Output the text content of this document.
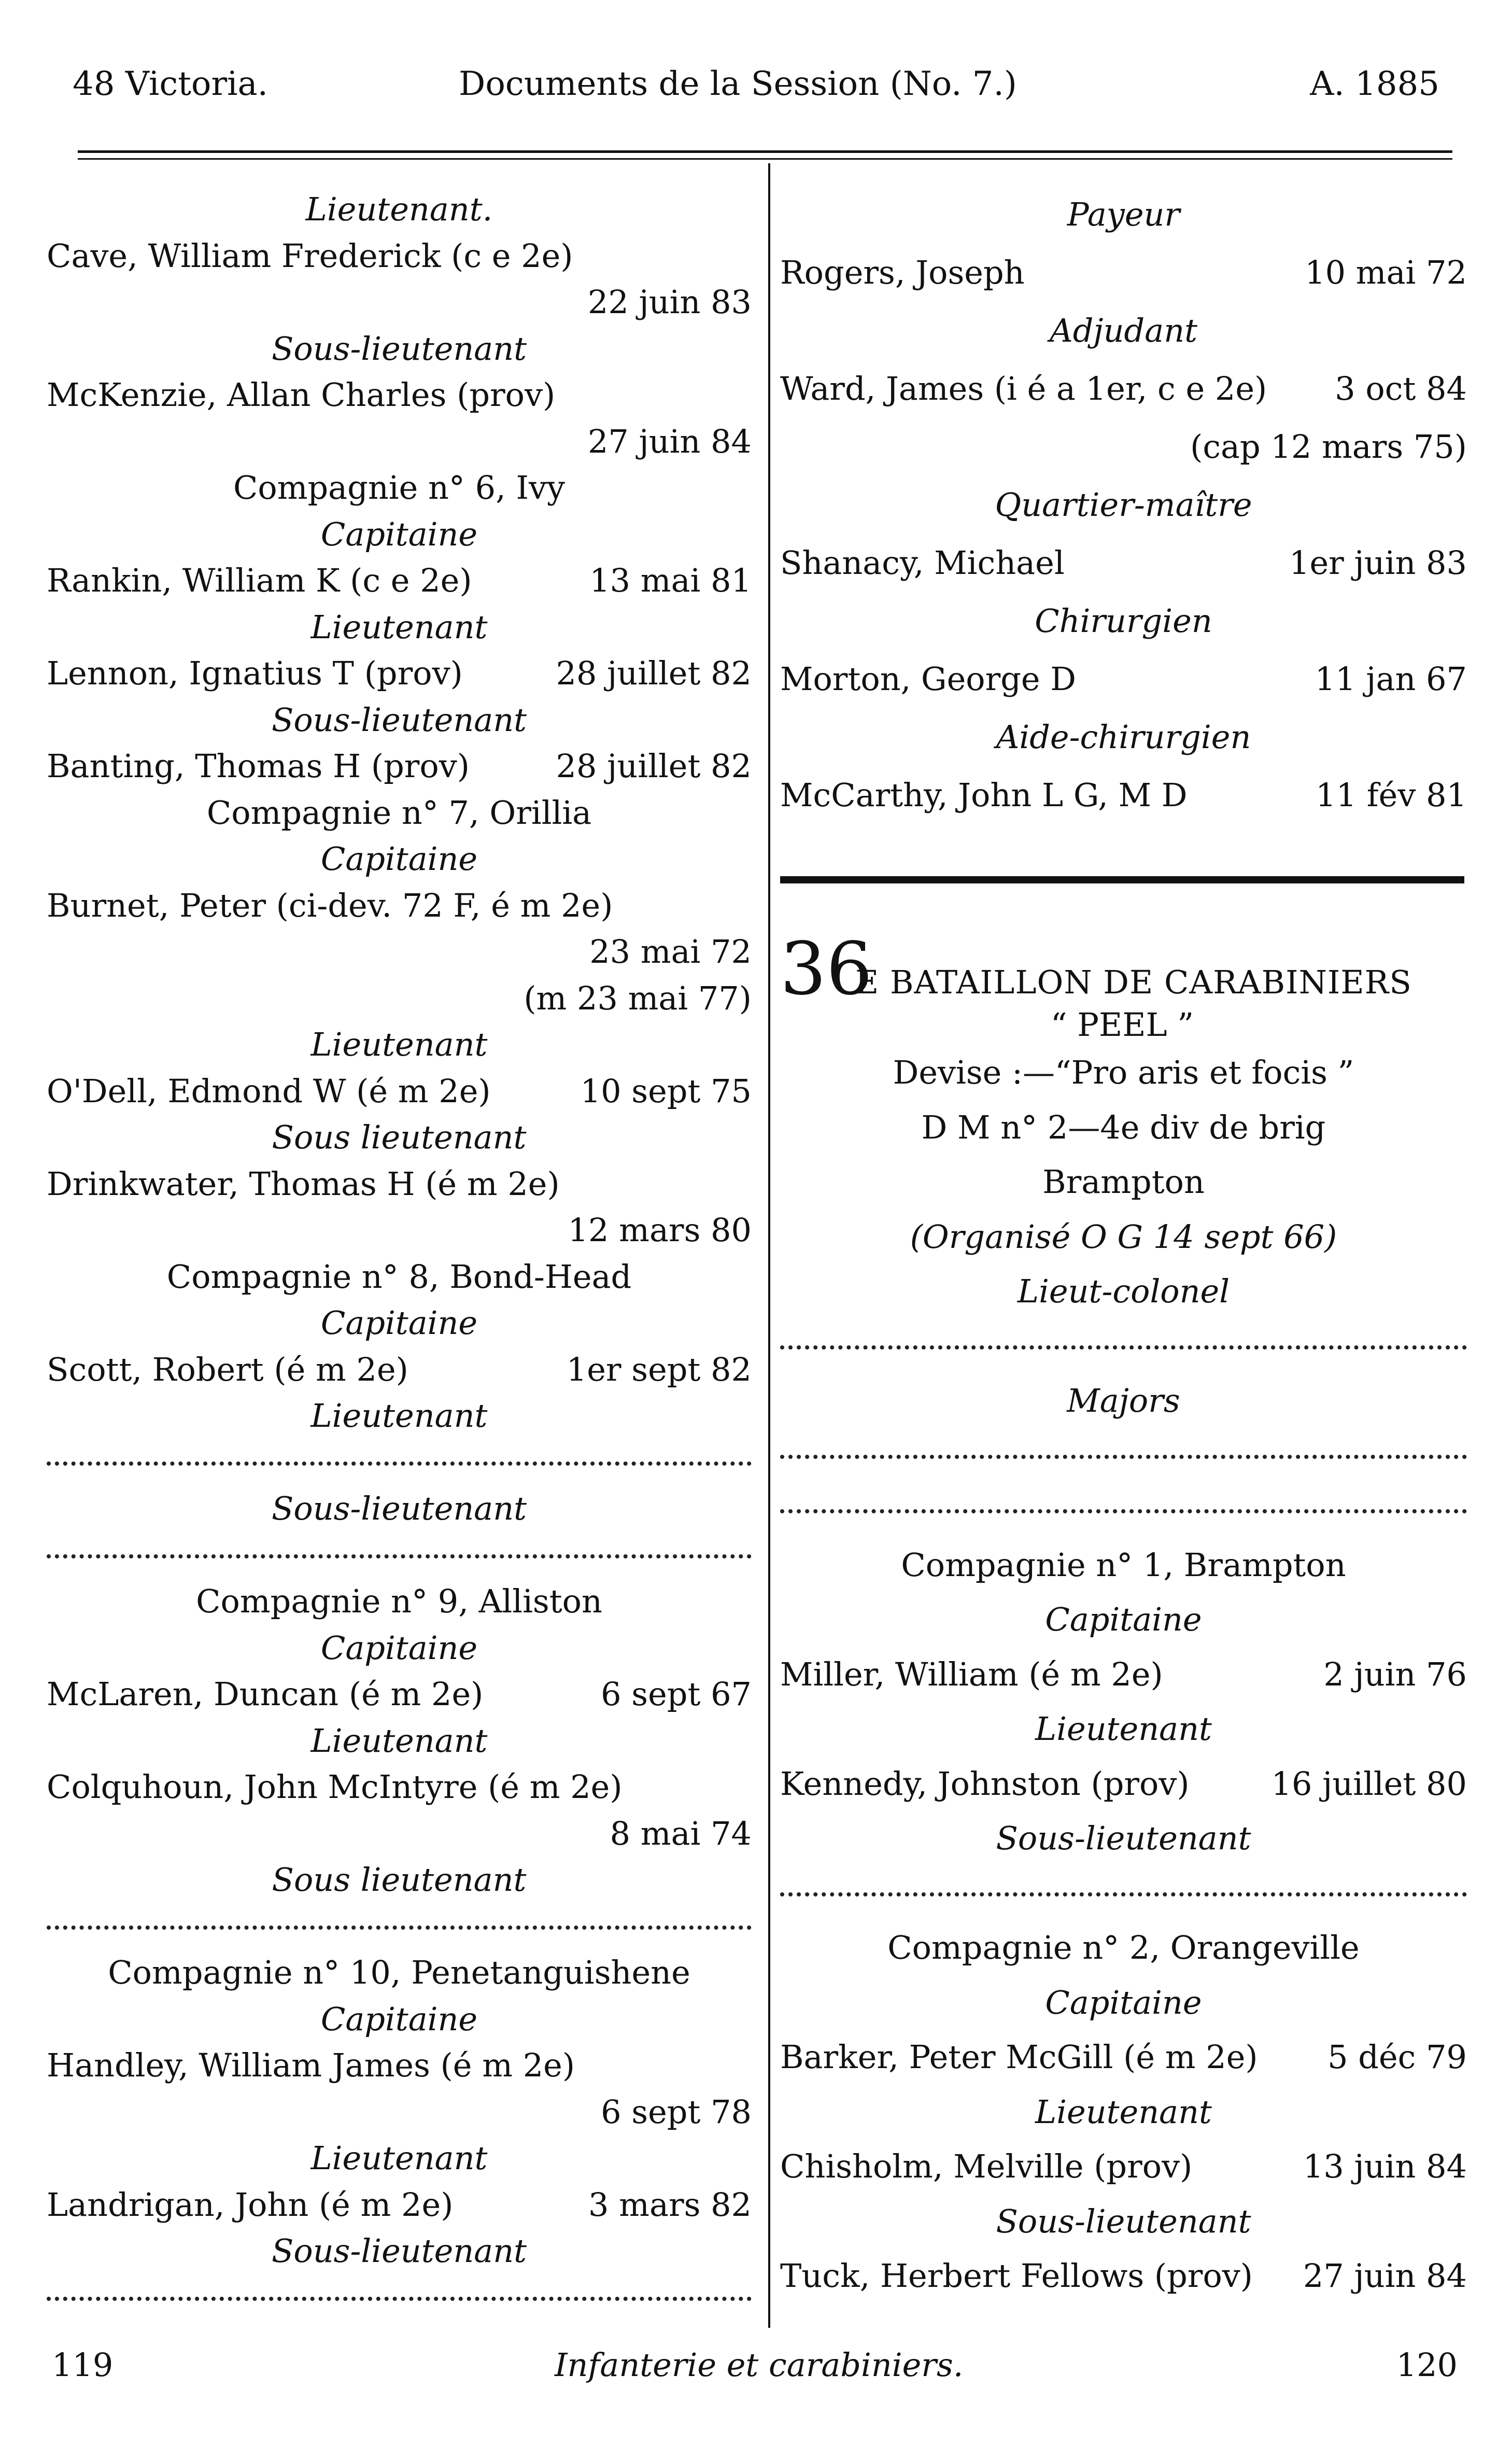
48 Victoria.	Documents de la Session (No. 7.)	A. 1885
Lieutenant.
Cave, William Frederick (c e 2e)
22 juin 83
Sous-lieutenant
McKenzie, Allan Charles (prov)
27 juin 84
Compagnie n° 6, Ivy
Capitaine
Rankin, William K (c e 2e)	13 mai 81
Lieutenant
Lennon, Ignatius T (prov)	28 juillet 82
Sous-lieutenant
Banting, Thomas H (prov)	28 juillet 82
Compagnie n° 7, Orillia
Capitaine
Burnet, Peter (ci-dev. 72 F, é m 2e)
23 mai 72
(m 23 mai 77)
Lieutenant
O'Dell, Edmond W (é m 2e)	10 sept 75
Sous lieutenant
Drinkwater, Thomas H (é m 2e)
12 mars 80
Compagnie n° 8, Bond-Head
Capitaine
Scott, Robert (é m 2e)	1er sept 82
Lieutenant
Sous-lieutenant
Compagnie n° 9, Alliston
Capitaine
McLaren, Duncan (é m 2e)	6 sept 67
Lieutenant
Colquhoun, John McIntyre (é m 2e)
8 mai 74
Sous lieutenant
Compagnie n° 10, Penetanguishene
Capitaine
Handley, William James (é m 2e)
6 sept 78
Lieutenant
Landrigan, John (é m 2e)	3 mars 82
Sous-lieutenant
Payeur
Rogers, Joseph	10 mai 72
Adjudant
Ward, James (i é a 1er, c e 2e) 3 oct 84
(cap 12 mars 75)
Quartier-maître
Shanacy, Michael	1er juin 83
Chirurgien
Morton, George D	11 jan 67
Aide-chirurgien
McCarthy, John L G, M D	11 fév 81
36
E BATAILLON DE CARABINIERS
“ PEEL ”
Devise :—“Pro aris et focis ”
D M n° 2—4e div de brig
Brampton
(Organisé O G 14 sept 66)
Lieut-colonel
Majors
Compagnie n° 1, Brampton
Capitaine
Miller, William (é m 2e)	2 juin 76
Lieutenant
Kennedy, Johnston (prov)	16 juillet 80
Sous-lieutenant
Compagnie n° 2, Orangeville
Capitaine
Barker, Peter McGill (é m 2e) 5 déc 79
Lieutenant
Chisholm, Melville (prov)	13 juin 84
Sous-lieutenant
Tuck, Herbert Fellows (prov) 27 juin 84
119	Infanterie et carabiniers.	120
